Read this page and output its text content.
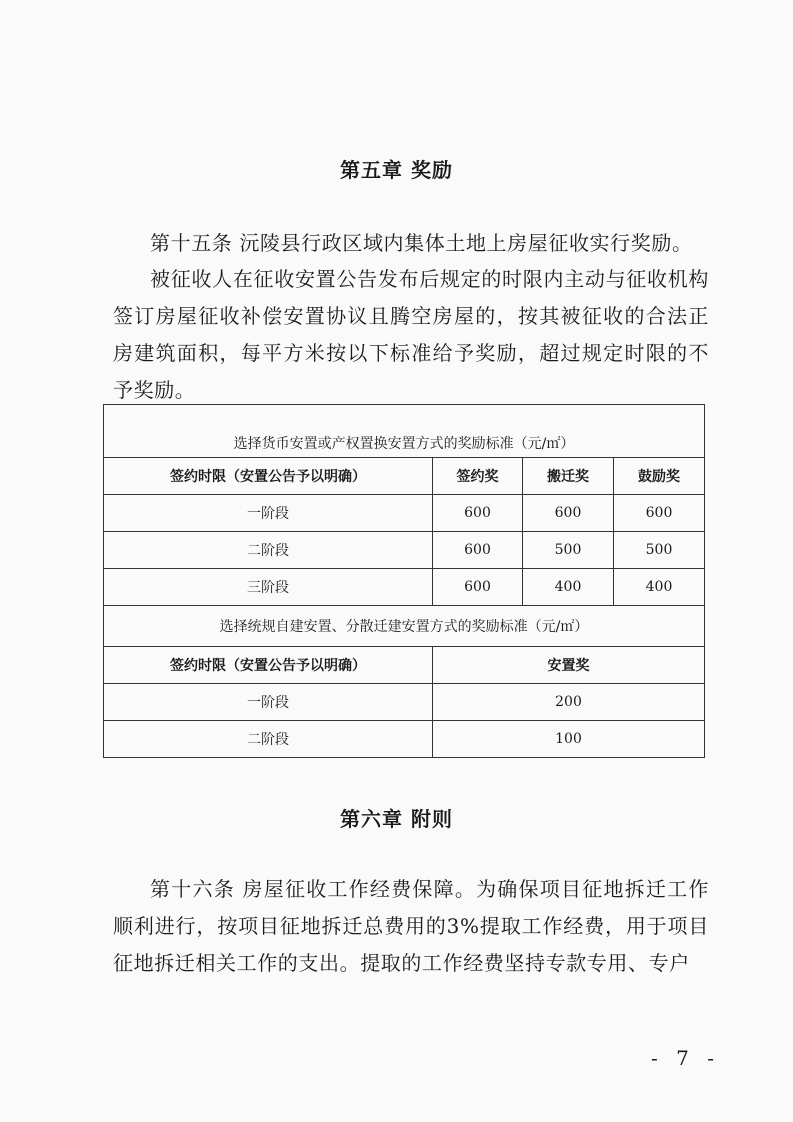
第五章 奖励
第十五条 沅陵县行政区域内集体土地上房屋征收实行奖励。
被征收人在征收安置公告发布后规定的时限内主动与征收机构签订房屋征收补偿安置协议且腾空房屋的，按其被征收的合法正房建筑面积，每平方米按以下标准给予奖励，超过规定时限的不予奖励。
选择货币安置或产权置换安置方式的奖励标准（元/㎡）			
签约时限（安置公告予以明确）	签约奖	搬迁奖	鼓励奖
一阶段	600	600	600
二阶段	600	500	500
三阶段	600	400	400
选择统规自建安置、分散迁建安置方式的奖励标准（元/㎡）			
签约时限（安置公告予以明确）	安置奖		
一阶段	200		
二阶段	100		
第六章 附则
第十六条 房屋征收工作经费保障。为确保项目征地拆迁工作顺利进行，按项目征地拆迁总费用的3%提取工作经费，用于项目征地拆迁相关工作的支出。提取的工作经费坚持专款专用、专户
- 7 -
